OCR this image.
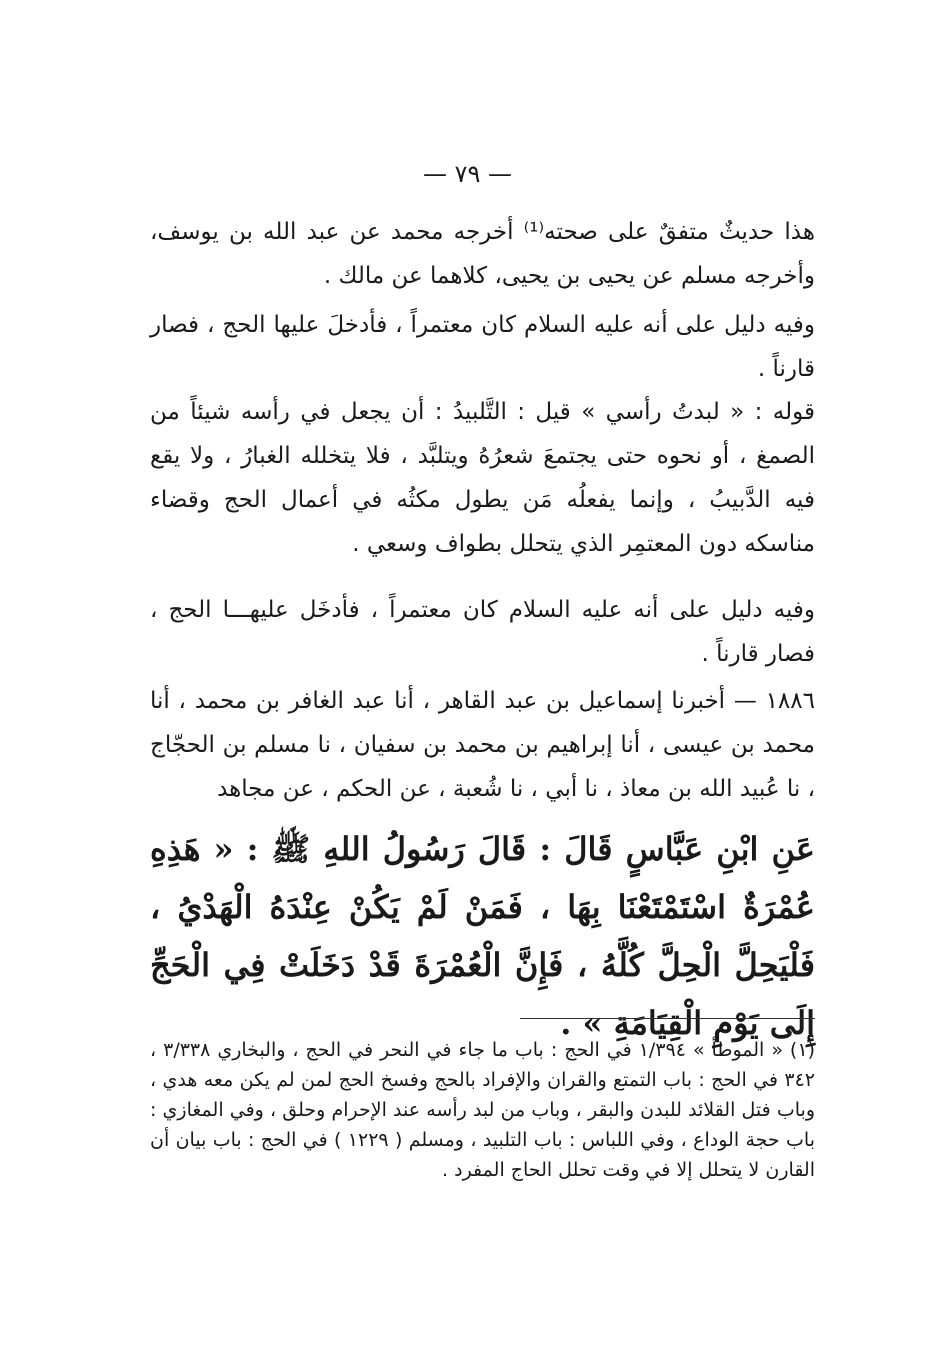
— ٧٩ —

هذا حديثٌ متفقٌ على صحته⁽¹⁾ أخرجه محمد عن عبد الله بن يوسف، وأخرجه مسلم عن يحيى بن يحيى، كلاهما عن مالك .

وفيه دليل على أنه عليه السلام كان معتمراً ، فأدخلَ عليها الحج ، فصار قارناً .

قوله : « لبدتُ رأسي » قيل : التَّلبيدُ : أن يجعل في رأسه شيئاً من الصمغ ، أو نحوه حتى يجتمعَ شعرُهُ ويتلبَّد ، فلا يتخلله الغبارُ ، ولا يقع فيه الدَّبيبُ ، وإنما يفعلُه مَن يطول مكثُه في أعمال الحج وقضاء مناسكه دون المعتمِر الذي يتحلل بطواف وسعي .

وفيه دليل على أنه عليه السلام كان معتمراً ، فأدخَل عليهـــا الحج ، فصار قارناً .

١٨٨٦ — أخبرنا إسماعيل بن عبد القاهر ، أنا عبد الغافر بن محمد ، أنا محمد بن عيسى ، أنا إبراهيم بن محمد بن سفيان ، نا مسلم بن الحجّاج ، نا عُبيد الله بن معاذ ، نا أبي ، نا شُعبة ، عن الحكم ، عن مجاهد

عَنِ ابْنِ عَبَّاسٍ قَالَ : قَالَ رَسُولُ اللهِ ﷺ : « هَذِهِ عُمْرَةٌ اسْتَمْتَعْنَا بِهَا ، فَمَنْ لَمْ يَكُنْ عِنْدَهُ الْهَدْيُ ، فَلْيَحِلَّ الْحِلَّ كُلَّهُ ، فَإِنَّ الْعُمْرَةَ قَدْ دَخَلَتْ فِي الْحَجِّ إِلَى يَوْمِ الْقِيَامَةِ » .

(١) « الموطأ » ١/٣٩٤ في الحج : باب ما جاء في النحر في الحج ، والبخاري ٣/٣٣٨ ، ٣٤٢ في الحج : باب التمتع والقران والإفراد بالحج وفسخ الحج لمن لم يكن معه هدي ، وباب فتل القلائد للبدن والبقر ، وباب من لبد رأسه عند الإحرام وحلق ، وفي المغازي : باب حجة الوداع ، وفي اللباس : باب التلبيد ، ومسلم ( ١٢٢٩ ) في الحج : باب بيان أن القارن لا يتحلل إلا في وقت تحلل الحاج المفرد .
